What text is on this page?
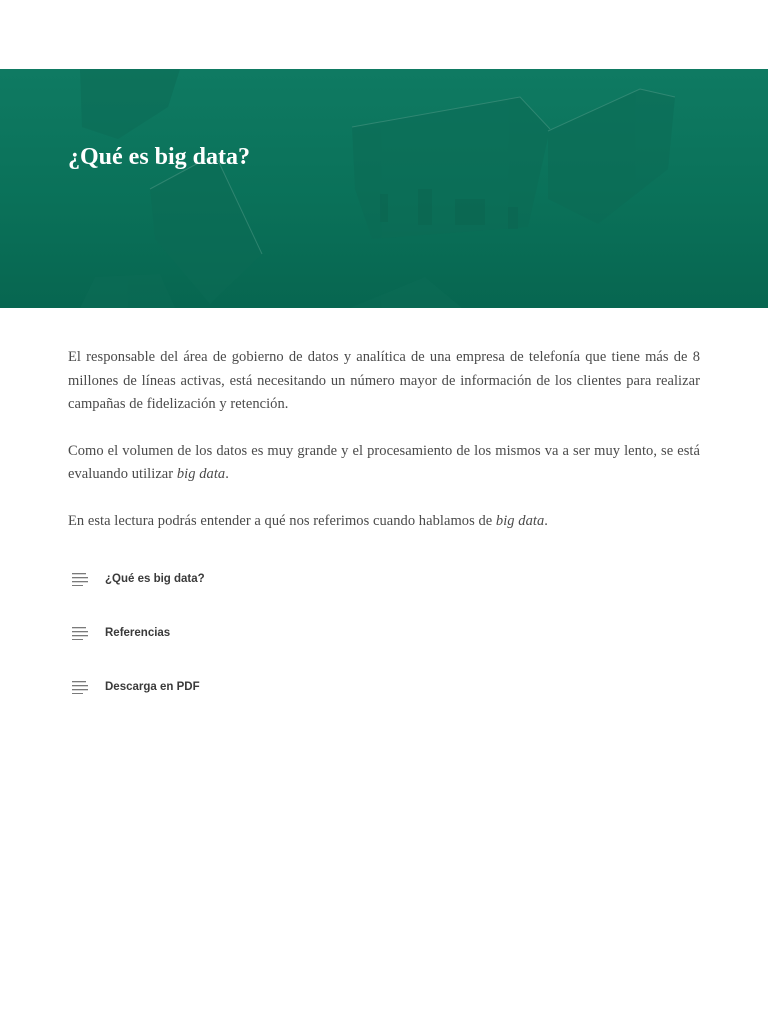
¿Qué es big data?

El responsable del área de gobierno de datos y analítica de una empresa de telefonía que tiene más de 8 millones de líneas activas, está necesitando un número mayor de información de los clientes para realizar campañas de fidelización y retención.

Como el volumen de los datos es muy grande y el procesamiento de los mismos va a ser muy lento, se está evaluando utilizar big data.

En esta lectura podrás entender a qué nos referimos cuando hablamos de big data.

¿Qué es big data?
Referencias
Descarga en PDF
